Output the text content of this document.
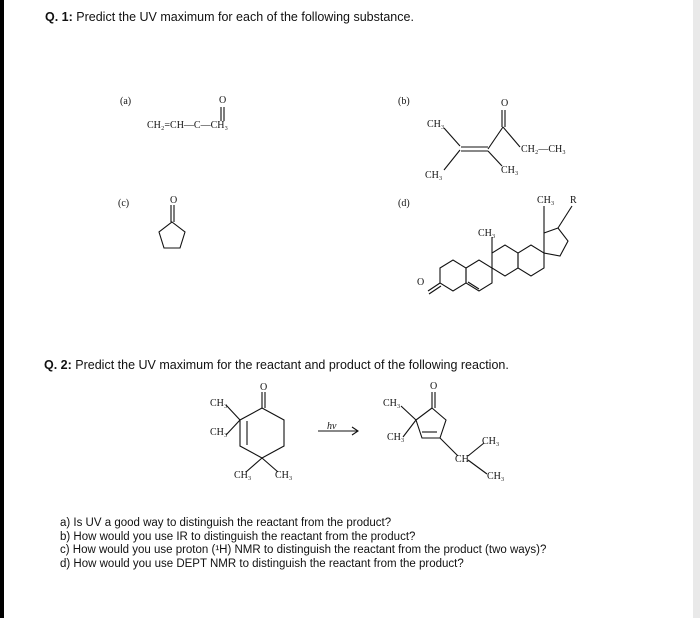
Q. 1: Predict the UV maximum for each of the following substance.
(a)	(b)
(c)	(d)
CH₂=CH—C—CH₃
O
CH₃
CH₃
O
CH₂—CH₃
CH₃
O	CH₃ R
CH₃
O
Q. 2: Predict the UV maximum for the reactant and product of the following reaction.
CH₃
CH₃
CH₃ CH₃
O
hν
CH₃
CH₃
O
CH
CH₃
CH₃
a) Is UV a good way to distinguish the reactant from the product?
b) How would you use IR to distinguish the reactant from the product?
c) How would you use proton (¹H) NMR to distinguish the reactant from the product (two ways)?
d) How would you use DEPT NMR to distinguish the reactant from the product?
